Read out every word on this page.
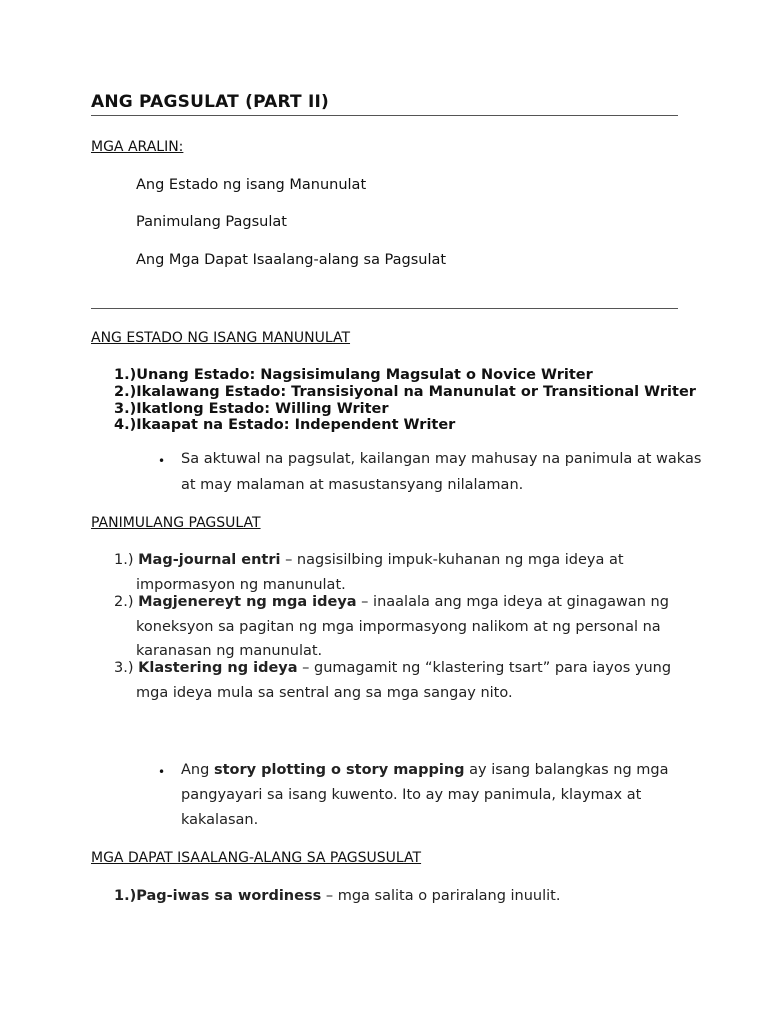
ANG PAGSULAT (PART II)
MGA ARALIN:
Ang Estado ng isang Manunulat
Panimulang Pagsulat
Ang Mga Dapat Isaalang-alang sa Pagsulat
ANG ESTADO NG ISANG MANUNULAT
1.)Unang Estado: Nagsisimulang Magsulat o Novice Writer
2.)Ikalawang Estado: Transisiyonal na Manunulat or Transitional Writer
3.)Ikatlong Estado: Willing Writer
4.)Ikaapat na Estado: Independent Writer
• Sa aktuwal na pagsulat, kailangan may mahusay na panimula at wakas
at may malaman at masustansyang nilalaman.
PANIMULANG PAGSULAT
1.) Mag-journal entri – nagsisilbing impuk-kuhanan ng mga ideya at
impormasyon ng manunulat.
2.) Magjenereyt ng mga ideya – inaalala ang mga ideya at ginagawan ng
koneksyon sa pagitan ng mga impormasyong nalikom at ng personal na
karanasan ng manunulat.
3.) Klastering ng ideya – gumagamit ng “klastering tsart” para iayos yung
mga ideya mula sa sentral ang sa mga sangay nito.
• Ang story plotting o story mapping ay isang balangkas ng mga
pangyayari sa isang kuwento. Ito ay may panimula, klaymax at
kakalasan.
MGA DAPAT ISAALANG-ALANG SA PAGSUSULAT
1.)Pag-iwas sa wordiness – mga salita o pariralang inuulit.
